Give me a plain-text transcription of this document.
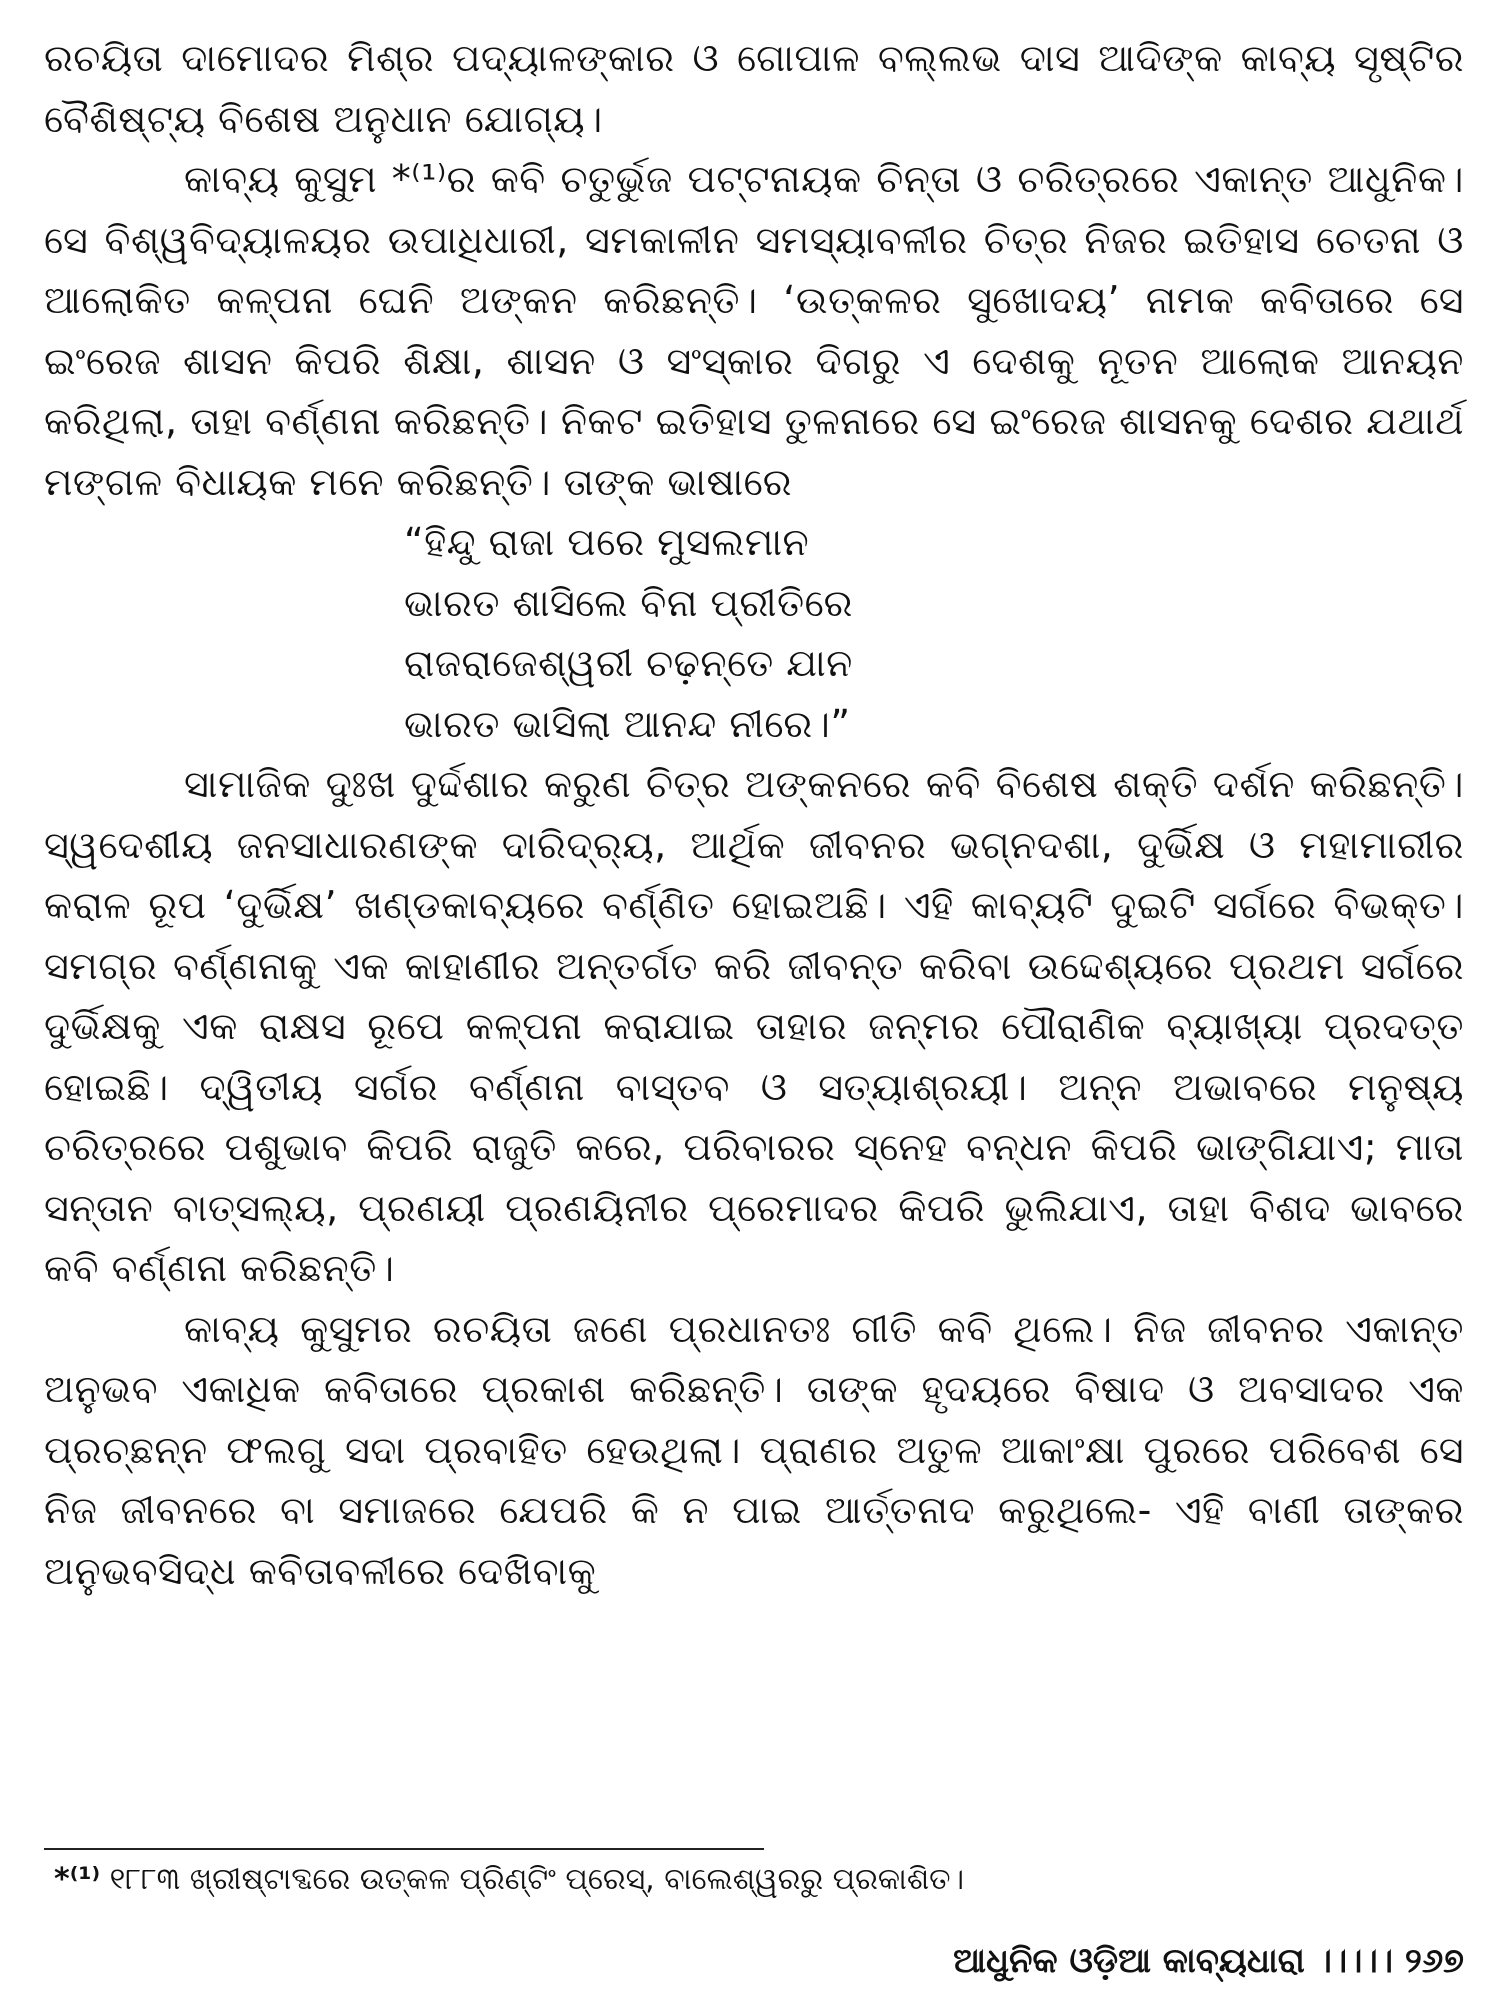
ରଚୟିତା ଦାମୋଦର ମିଶ୍ର ପଦ୍ୟାଳଙ୍କାର ଓ ଗୋପାଳ ବଲ୍ଲଭ ଦାସ ଆଦିଙ୍କ କାବ୍ୟ ସୃଷ୍ଟିର ବୈଶିଷ୍ଟ୍ୟ ବିଶେଷ ଅନୁଧାନ ଯୋଗ୍ୟ।

କାବ୍ୟ କୁସୁମ *⁽¹⁾ର କବି ଚତୁର୍ଭୁଜ ପଟ୍ଟନାୟକ ଚିନ୍ତା ଓ ଚରିତ୍ରରେ ଏକାନ୍ତ ଆଧୁନିକ। ସେ ବିଶ୍ୱବିଦ୍ୟାଳୟର ଉପାଧିଧାରୀ, ସମକାଳୀନ ସମସ୍ୟାବଳୀର ଚିତ୍ର ନିଜର ଇତିହାସ ଚେତନା ଓ ଆଲୋକିତ କଳ୍ପନା ଘେନି ଅଙ୍କନ କରିଛନ୍ତି। ‘ଉତ୍କଳର ସୁଖୋଦୟ’ ନାମକ କବିତାରେ ସେ ଇଂରେଜ ଶାସନ କିପରି ଶିକ୍ଷା, ଶାସନ ଓ ସଂସ୍କାର ଦିଗରୁ ଏ ଦେଶକୁ ନୂତନ ଆଲୋକ ଆନୟନ କରିଥିଲା, ତାହା ବର୍ଣ୍ଣନା କରିଛନ୍ତି। ନିକଟ ଇତିହାସ ତୁଳନାରେ ସେ ଇଂରେଜ ଶାସନକୁ ଦେଶର ଯଥାର୍ଥ ମଙ୍ଗଳ ବିଧାୟକ ମନେ କରିଛନ୍ତି। ତାଙ୍କ ଭାଷାରେ

“ହିନ୍ଦୁ ରାଜା ପରେ ମୁସଲମାନ
ଭାରତ ଶାସିଲେ ବିନା ପ୍ରୀତିରେ
ରାଜରାଜେଶ୍ୱରୀ ଚଢ଼ନ୍ତେ ଯାନ
ଭାରତ ଭାସିଲା ଆନନ୍ଦ ନୀରେ।”

ସାମାଜିକ ଦୁଃଖ ଦୁର୍ଦ୍ଦଶାର କରୁଣ ଚିତ୍ର ଅଙ୍କନରେ କବି ବିଶେଷ ଶକ୍ତି ଦର୍ଶନ କରିଛନ୍ତି। ସ୍ୱଦେଶୀୟ ଜନସାଧାରଣଙ୍କ ଦାରିଦ୍ର୍ୟ, ଆର୍ଥିକ ଜୀବନର ଭଗ୍ନଦଶା, ଦୁର୍ଭିକ୍ଷ ଓ ମହାମାରୀର କରାଳ ରୂପ ‘ଦୁର୍ଭିକ୍ଷ’ ଖଣ୍ଡକାବ୍ୟରେ ବର୍ଣ୍ଣିତ ହୋଇଅଛି। ଏହି କାବ୍ୟଟି ଦୁଇଟି ସର୍ଗରେ ବିଭକ୍ତ। ସମଗ୍ର ବର୍ଣ୍ଣନାକୁ ଏକ କାହାଣୀର ଅନ୍ତର୍ଗତ କରି ଜୀବନ୍ତ କରିବା ଉଦ୍ଦେଶ୍ୟରେ ପ୍ରଥମ ସର୍ଗରେ ଦୁର୍ଭିକ୍ଷକୁ ଏକ ରାକ୍ଷସ ରୂପେ କଳ୍ପନା କରାଯାଇ ତାହାର ଜନ୍ମର ପୌରାଣିକ ବ୍ୟାଖ୍ୟା ପ୍ରଦତ୍ତ ହୋଇଛି। ଦ୍ୱିତୀୟ ସର୍ଗର ବର୍ଣ୍ଣନା ବାସ୍ତବ ଓ ସତ୍ୟାଶ୍ରୟୀ। ଅନ୍ନ ଅଭାବରେ ମନୁଷ୍ୟ ଚରିତ୍ରରେ ପଶୁଭାବ କିପରି ରାଜୁତି କରେ, ପରିବାରର ସ୍ନେହ ବନ୍ଧନ କିପରି ଭାଙ୍ଗିଯାଏ; ମାତା ସନ୍ତାନ ବାତ୍ସଲ୍ୟ, ପ୍ରଣୟୀ ପ୍ରଣୟିନୀର ପ୍ରେମାଦର କିପରି ଭୁଲିଯାଏ, ତାହା ବିଶଦ ଭାବରେ କବି ବର୍ଣ୍ଣନା କରିଛନ୍ତି।

କାବ୍ୟ କୁସୁମର ରଚୟିତା ଜଣେ ପ୍ରଧାନତଃ ଗୀତି କବି ଥିଲେ। ନିଜ ଜୀବନର ଏକାନ୍ତ ଅନୁଭବ ଏକାଧିକ କବିତାରେ ପ୍ରକାଶ କରିଛନ୍ତି। ତାଙ୍କ ହୃଦୟରେ ବିଷାଦ ଓ ଅବସାଦର ଏକ ପ୍ରଚ୍ଛନ୍ନ ଫଲଗୁ ସଦା ପ୍ରବାହିତ ହେଉଥିଲା। ପ୍ରାଣର ଅତୁଳ ଆକାଂକ୍ଷା ପୁରରେ ପରିବେଶ ସେ ନିଜ ଜୀବନରେ ବା ସମାଜରେ ଯେପରି କି ନ ପାଇ ଆର୍ତ୍ତନାଦ କରୁଥିଲେ- ଏହି ବାଣୀ ତାଙ୍କର ଅନୁଭବସିଦ୍ଧ କବିତାବଳୀରେ ଦେଖିବାକୁ

*⁽¹⁾ ୧୮୮୩ ଖ୍ରୀଷ୍ଟାବ୍ଦରେ ଉତ୍କଳ ପ୍ରିଣ୍ଟିଂ ପ୍ରେସ୍, ବାଲେଶ୍ୱରରୁ ପ୍ରକାଶିତ।
ଆଧୁନିକ ଓଡ଼ିଆ କାବ୍ୟଧାରା ।।।।। ୨୬୭
